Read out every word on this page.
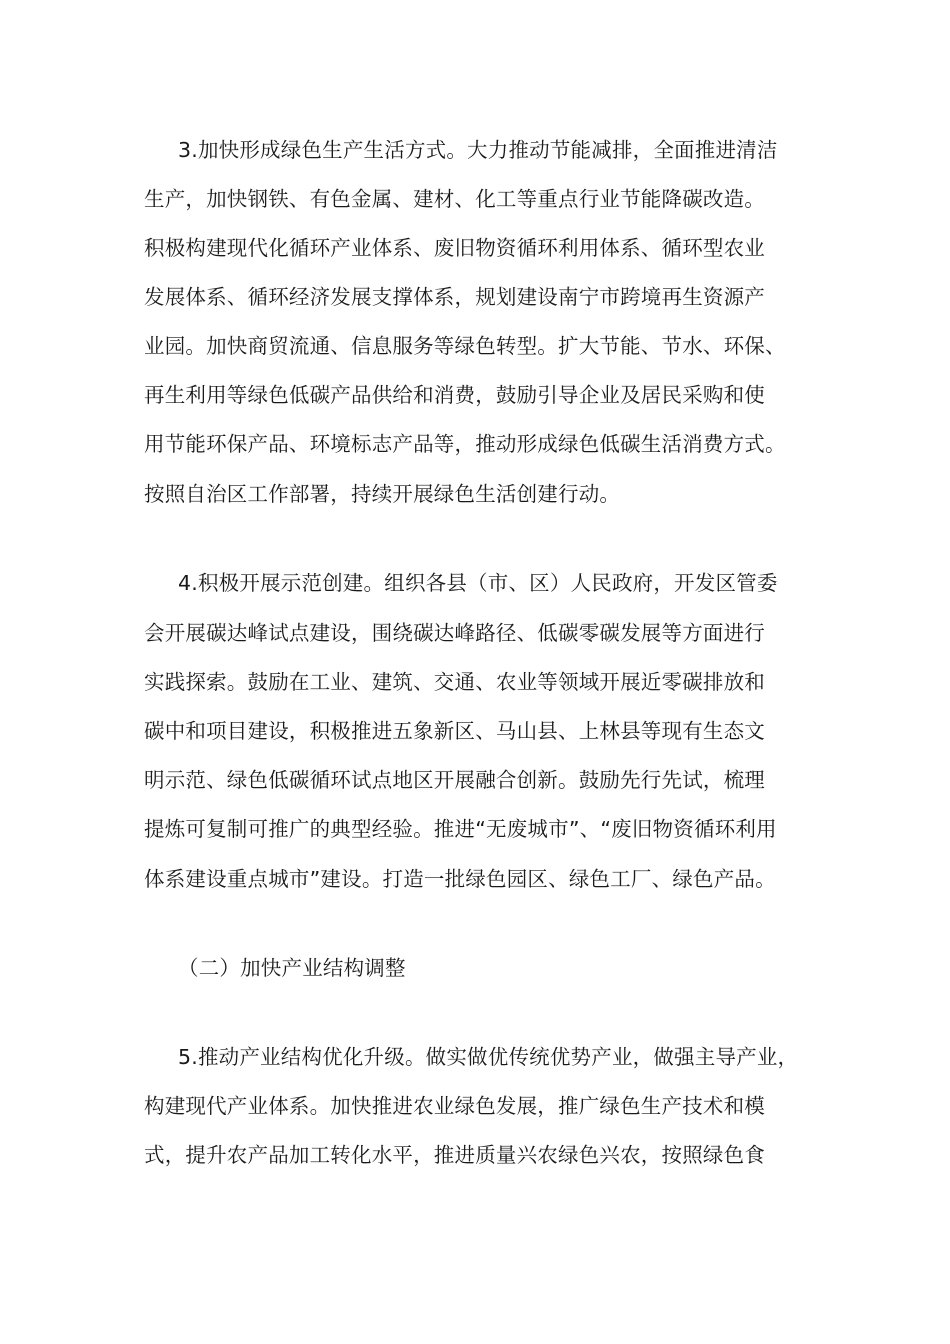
3.加快形成绿色生产生活方式。大力推动节能减排，全面推进清洁
生产，加快钢铁、有色金属、建材、化工等重点行业节能降碳改造。
积极构建现代化循环产业体系、废旧物资循环利用体系、循环型农业
发展体系、循环经济发展支撑体系，规划建设南宁市跨境再生资源产
业园。加快商贸流通、信息服务等绿色转型。扩大节能、节水、环保、
再生利用等绿色低碳产品供给和消费，鼓励引导企业及居民采购和使
用节能环保产品、环境标志产品等，推动形成绿色低碳生活消费方式。
按照自治区工作部署，持续开展绿色生活创建行动。
4.积极开展示范创建。组织各县（市、区）人民政府，开发区管委
会开展碳达峰试点建设，围绕碳达峰路径、低碳零碳发展等方面进行
实践探索。鼓励在工业、建筑、交通、农业等领域开展近零碳排放和
碳中和项目建设，积极推进五象新区、马山县、上林县等现有生态文
明示范、绿色低碳循环试点地区开展融合创新。鼓励先行先试，梳理
提炼可复制可推广的典型经验。推进“无废城市”、“废旧物资循环利用
体系建设重点城市”建设。打造一批绿色园区、绿色工厂、绿色产品。
（二）加快产业结构调整
5.推动产业结构优化升级。做实做优传统优势产业，做强主导产业，
构建现代产业体系。加快推进农业绿色发展，推广绿色生产技术和模
式，提升农产品加工转化水平，推进质量兴农绿色兴农，按照绿色食
